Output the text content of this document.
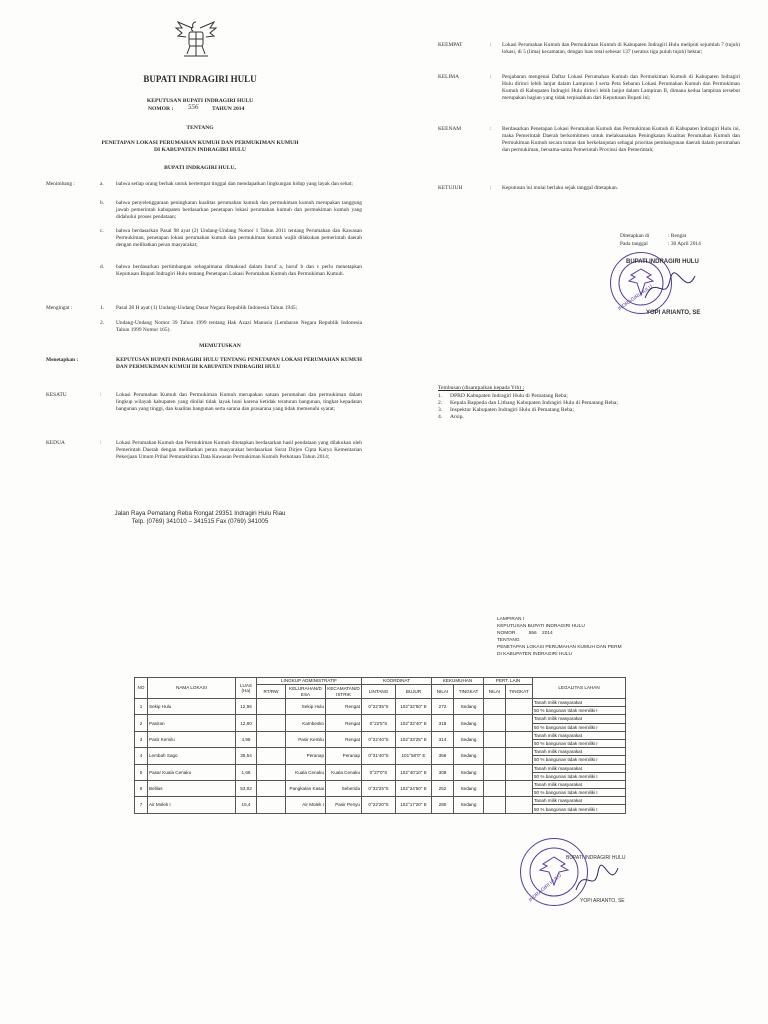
BUPATI INDRAGIRI HULU
KEPUTUSAN BUPATI INDRAGIRI HULU
NOMOR :	556	TAHUN 2014
TENTANG
PENETAPAN LOKASI PERUMAHAN KUMUH DAN PERMUKIMAN KUMUH
DI KABUPATEN INDRAGIRI HULU
BUPATI INDRAGIRI HULU,
Menimbang :	a.	bahwa setiap orang berhak untuk bertempat tinggal dan mendapatkan lingkungan hidup yang layak dan sehat;
b.	bahwa penyelenggaraan peningkatan kualitas perumahan kumuh dan permukiman kumuh merupakan tanggung jawab pemerintah kabupaten berdasarkan penetapan lokasi perumahan kumuh dan permukiman kumuh yang didahului proses pendataan;
c.	bahwa berdasarkan Pasal 98 ayat (2) Undang-Undang Nomor 1 Tahun 2011 tentang Perumahan dan Kawasan Permukiman, penetapan lokasi perumahan kumuh dan permukiman kumuh wajib dilakukan pemerintah daerah dengan melibatkan peran masyarakat;
d.	bahwa berdasarkan pertimbangan sebagaimana dimaksud dalam huruf a, huruf b dan c perlu menetapkan Keputusan Bupati Indragiri Hulu tentang Penetapan Lokasi Perumahan Kumuh dan Permukiman Kumuh.
Mengingat :	1.	Pasal 28 H ayat (1) Undang-Undang Dasar Negara Republik Indonesia Tahun 1945;
2.	Undang-Undang Nomor 39 Tahun 1999 tentang Hak Azazi Manusia (Lembaran Negara Republik Indonesia Tahun 1999 Nomor 165).
MEMUTUSKAN
Menetapkan :	KEPUTUSAN BUPATI INDRAGIRI HULU TENTANG PENETAPAN LOKASI PERUMAHAN KUMUH DAN PERMUKIMAN KUMUH DI KABUPATEN INDRAGIRI HULU
KESATU	:	Lokasi Perumahan Kumuh dan Permukiman Kumuh merupakan satuan perumahan dan permukiman dalam lingkup wilayah kabupaten yang dinilai tidak layak huni karena ketidak teraturan bangunan, tingkat kepadatan bangunan yang tinggi, dan kualitas bangunan serta sarana dan prasarana yang tidak memenuhi syarat;
KEDUA	:	Lokasi Perumahan Kumuh dan Permukiman Kumuh ditetapkan berdasarkan hasil pendataan yang dilakukan oleh Pemerintah Daerah dengan melibatkan peran masyarakat berdasarkan Surat Dirjen Cipta Karya Kementarian Pekerjaan Umum Prihal Pemutakhiran Data Kawasan Permukiman Kumuh Perkotaan Tahun 2014;
Jalan Raya Pematang Reba Rongat 29351 Indragiri Hulu Riau
Telp. (0769) 341010 – 341515 Fax (0769) 341005
KEEMPAT	:	Lokasi Perumahan Kumuh dan Permukiman Kumuh di Kabupaten Indragiri Hulu meliputi sejumlah 7 (tujuh) lokasi, di 5 (lima) kecamatan, dengan luas total sebesar 137 (seratus tiga puluh tujuh) hektar;
KELIMA	:	Penjabaran mengenai Daftar Lokasi Perumahan Kumuh dan Permukiman Kumuh di Kabupaten Indragiri Hulu dirinci lebih lanjut dalam Lampiran I serta Peta Sebaran Lokasi Perumahan Kumuh dan Permukiman Kumuh di Kabupaten Indragiri Hulu dirinci lebih lanjut dalam Lampiran II, dimana kedua lampiran tersebut merupakan bagian yang tidak terpisahkan dari Keputusan Bupati ini;
KEENAM	:	Berdasarkan Penetapan Lokasi Perumahan Kumuh dan Permukiman Kumuh di Kabupaten Indragiri Hulu ini, maka Pemerintah Daerah berkomitmen untuk melaksanakan Peningkatan Kualitas Perumahan Kumuh dan Permukiman Kumuh secara tuntas dan berkelanjutan sebagai prioritas pembangunan daerah dalam perumahan dan permukiman, bersama-sama Pemerintah Provinsi dan Pemerintah;
KETUJUH	:	Keputusan ini mulai berlaku sejak tanggal ditetapkan.
Ditetapkan di	: Rengat
Pada tanggal	: 30 April 2014
INDRAGIRI HULU
BUPATI INDRAGIRI HULU
YOPI ARIANTO, SE
Tembusan (disampaikan kepada Yth) ;
1. DPRD Kabupaten Indragiri Hulu di Pematang Reba;
2. Kepala Bappeda dan Litbang Kabupaten Indragiri Hulu di Pematang Reba;
3. Inspektur Kabupaten Indragiri Hulu di Pematang Reba;
4. Arsip.
LAMPIRAN I
KEPUTUSAN BUPATI INDRAGIRI HULU
NOMOR          556    2014
TENTANG
PENETAPAN LOKASI PERUMAHAN KUMUH DAN PERM
DI KABUPATEN INDRAGIRI HULU
NO	NAMA LOKASI	LUAS
(Ha)	LINGKUP ADMINISTRATIF			KOORDINAT		KEKUMUHAN		PERT. LAIN		LEGALITAS LAHAN
			RT/RW	KELURAHAN/D ESA	KECAMATAN/D ISTRIK	LINTANG	BUJUR	NILAI	TINGKAT	NILAI	TINGKAT	
1	Sekip Hulu	12,96		Sekip Hulu	Rengat	0°22'35"S	102°32'50" E	272	Sedang			Tanah milik masyarakat
												50 % bangunan tidak memiliki I
2	Pasiran	12,80		Kambesko	Rengat	0°22'5"S	102°32'40" E	318	Sedang			Tanah milik masyarakat
												50 % bangunan tidak memiliki I
3	Pasir Kemilu	4,98		Pasir Kemilu	Rengat	0°22'40"S	102°33'25" E	314	Sedang			Tanah milik masyarakat
												50 % bangunan tidak memiliki I
4	Lembah Sago	35,54		Peranap	Peranap	0°31'40"S	101°58'0" E	356	Sedang			Tanah milik masyarakat
												50 % bangunan tidak memiliki I
5	Pasar Kuala Cenaku	1,66		Kuala Cenaku	Kuala Cenaku	0°27'0"S	102°40'10" E	308	Sedang			Tanah milik masyarakat
												50 % bangunan tidak memiliki I
6	Belilas	53,92		Pangkalan Kasai	Seberida	0°32'25"S	102°24'50" E	252	Sedang			Tanah milik masyarakat
												50 % bangunan tidak memiliki I
7	Air Molek I	15,4		Air Molek I	Pasir Penyu	0°22'20"S	102°17'20" E	280	Sedang			Tanah milik masyarakat
												50 % bangunan tidak memiliki I
INDRAGIRI HULU
BUPATI INDRAGIRI HULU
YOPI ARIANTO, SE
